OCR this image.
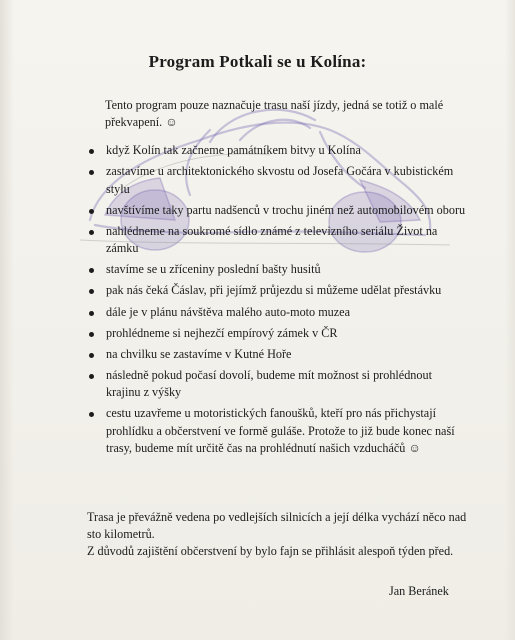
Program Potkali se u Kolína:
Tento program pouze naznačuje trasu naší jízdy, jedná se totiž o malé překvapení. ☺
když Kolín tak začneme památníkem bitvy u Kolína
zastavíme u architektonického skvostu od Josefa Gočára v kubistickém stylu
navštívíme taky partu nadšenců v trochu jiném než automobilovém oboru
nahlédneme na soukromé sídlo známé z televizního seriálu Život na zámku
stavíme se u zříceniny poslední bašty husitů
pak nás čeká Čáslav, při jejímž průjezdu si můžeme udělat přestávku
dále je v plánu návštěva malého auto-moto muzea
prohlédneme si nejhezčí empírový zámek v ČR
na chvilku se zastavíme v Kutné Hoře
následně pokud počasí dovolí, budeme mít možnost si prohlédnout krajinu z výšky
cestu uzavřeme u motoristických fanoušků, kteří pro nás přichystají prohlídku a občerstvení ve formě guláše. Protože to již bude konec naší trasy, budeme mít určitě čas na prohlédnutí našich vzducháčů ☺
Trasa je převážně vedena po vedlejších silnicích a její délka vychází něco nad sto kilometrů.
Z důvodů zajištění občerstvení by bylo fajn se přihlásit alespoň týden před.
Jan Beránek
